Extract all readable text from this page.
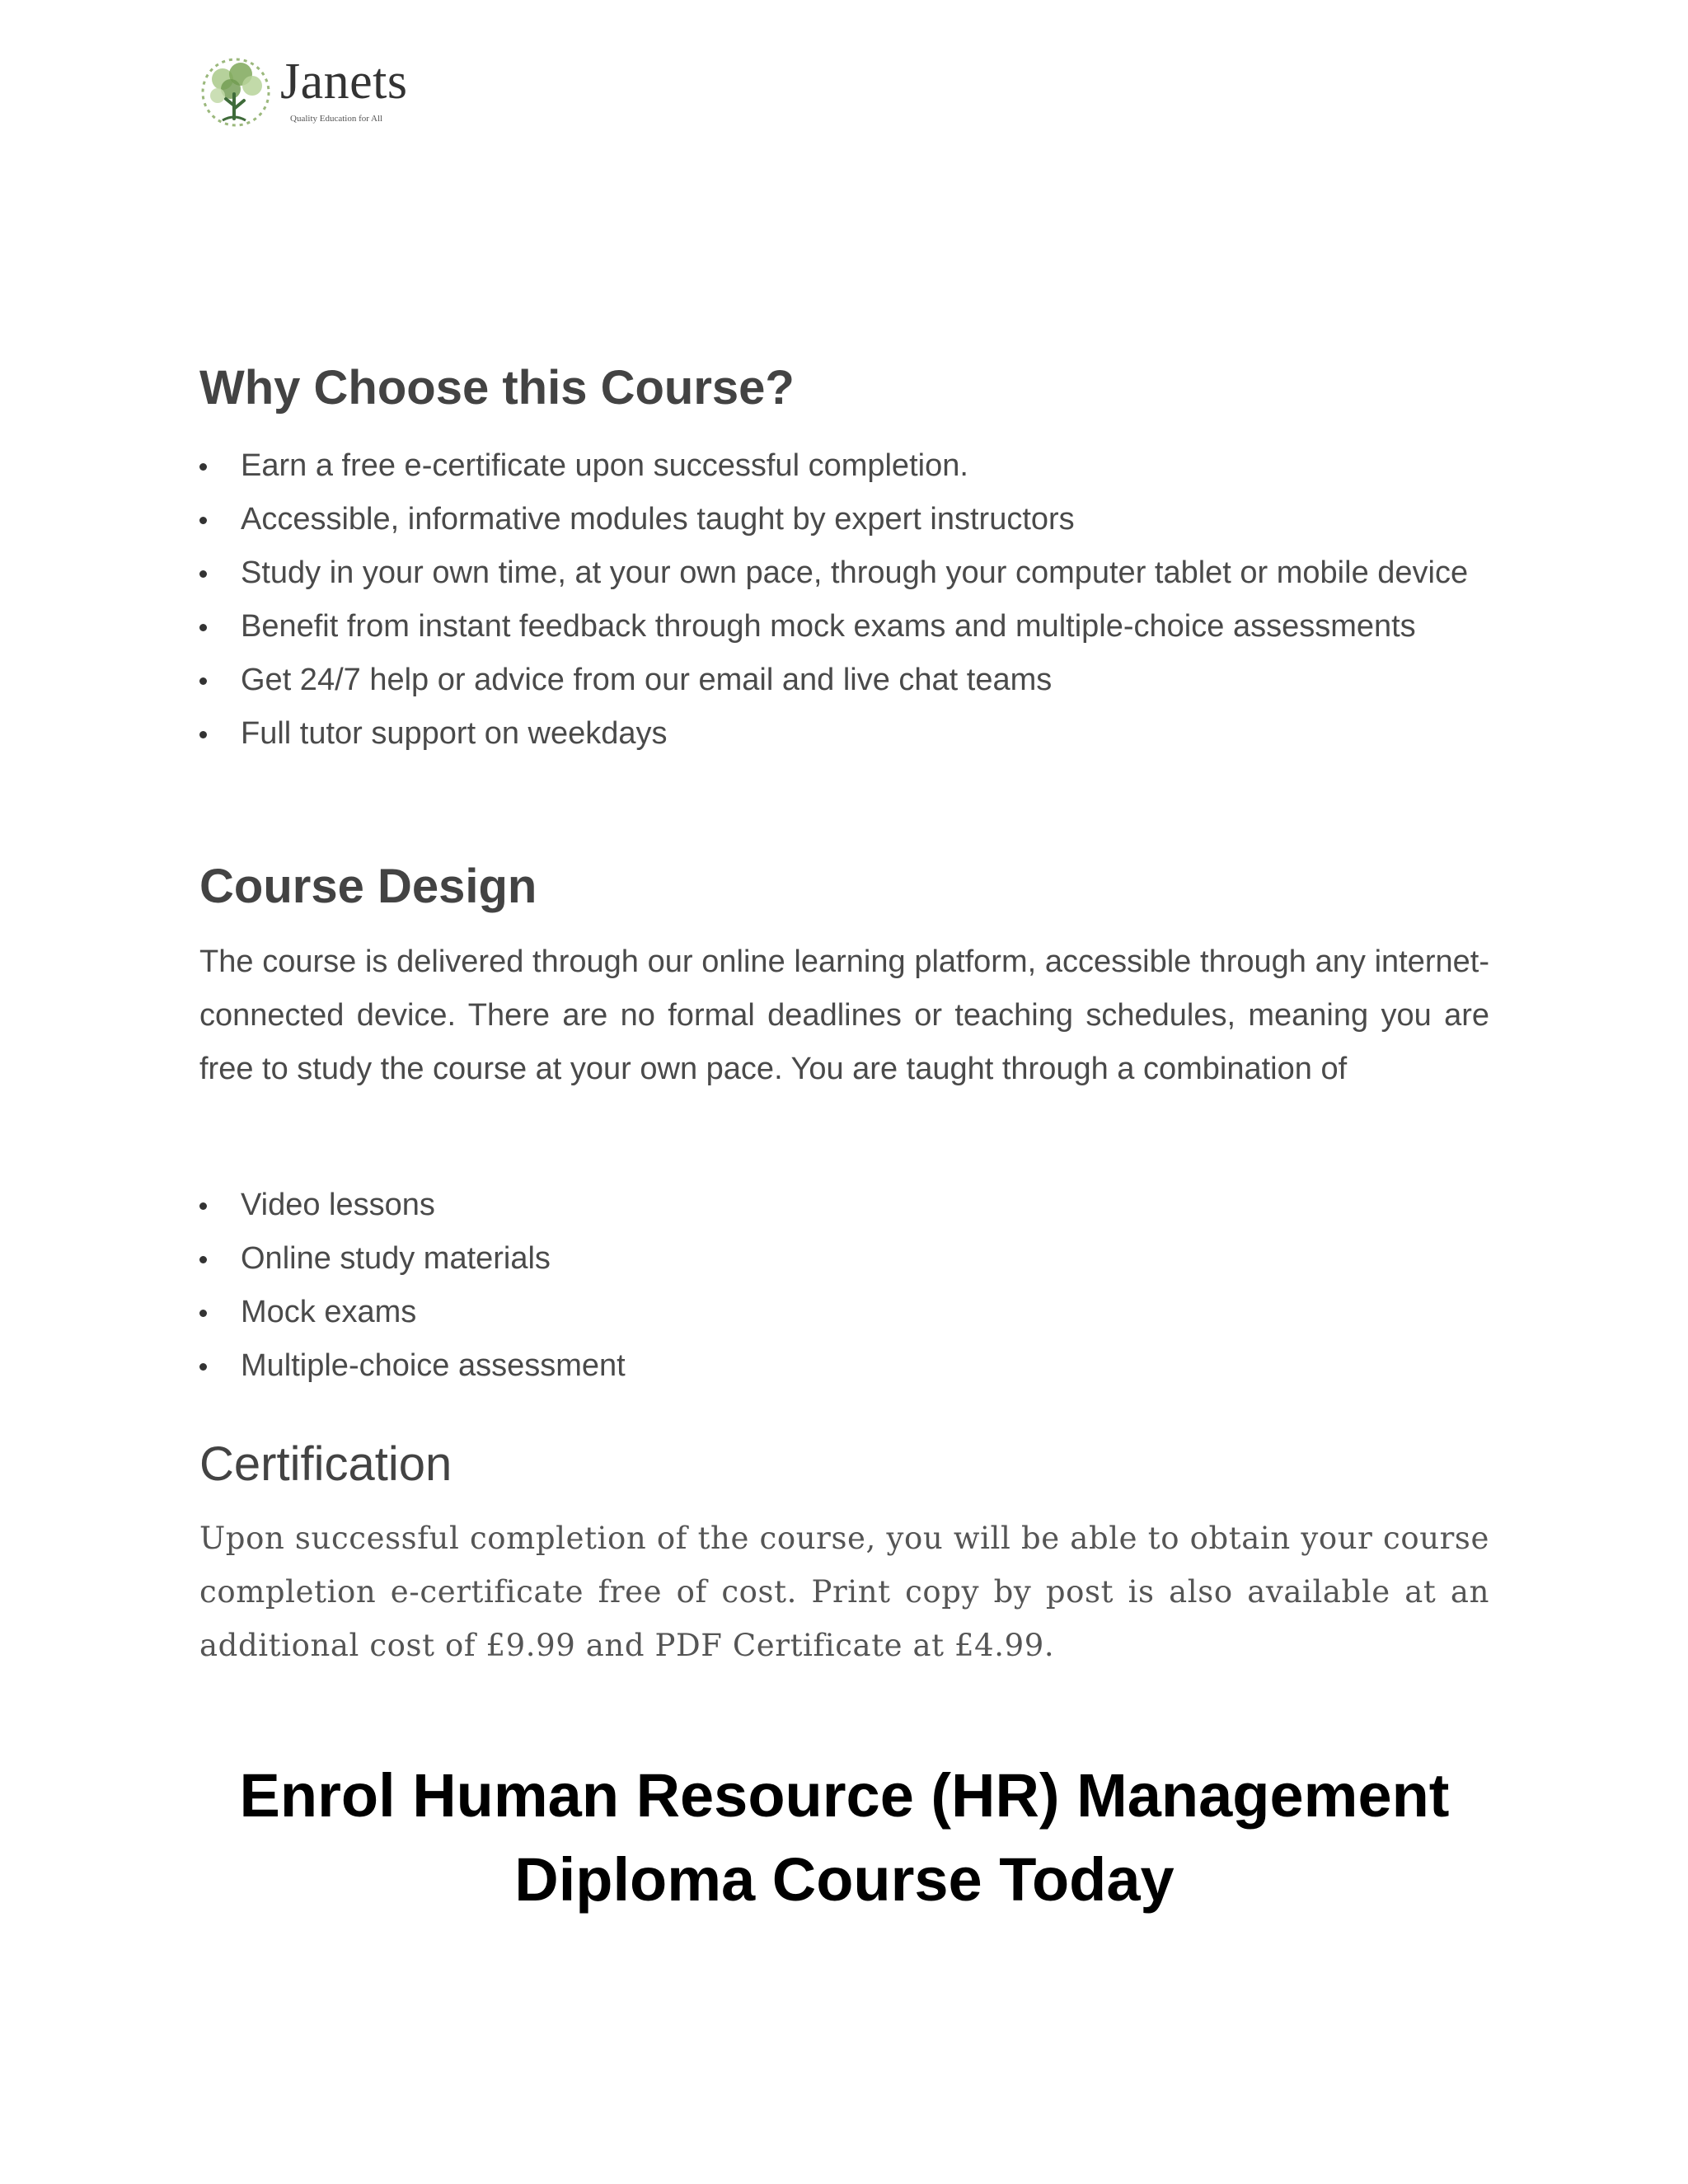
Janets
Quality Education for All
Why Choose this Course?
Earn a free e-certificate upon successful completion.
Accessible, informative modules taught by expert instructors
Study in your own time, at your own pace, through your computer tablet or mobile device
Benefit from instant feedback through mock exams and multiple-choice assessments
Get 24/7 help or advice from our email and live chat teams
Full tutor support on weekdays
Course Design

The course is delivered through our online learning platform, accessible through any internet-connected device. There are no formal deadlines or teaching schedules, meaning you are free to study the course at your own pace. You are taught through a combination of

Video lessons
Online study materials
Mock exams
Multiple-choice assessment
Certification

Upon successful completion of the course, you will be able to obtain your course completion e-certificate free of cost. Print copy by post is also available at an additional cost of £9.99 and PDF Certificate at £4.99.

Enrol Human Resource (HR) Management
Diploma Course Today
